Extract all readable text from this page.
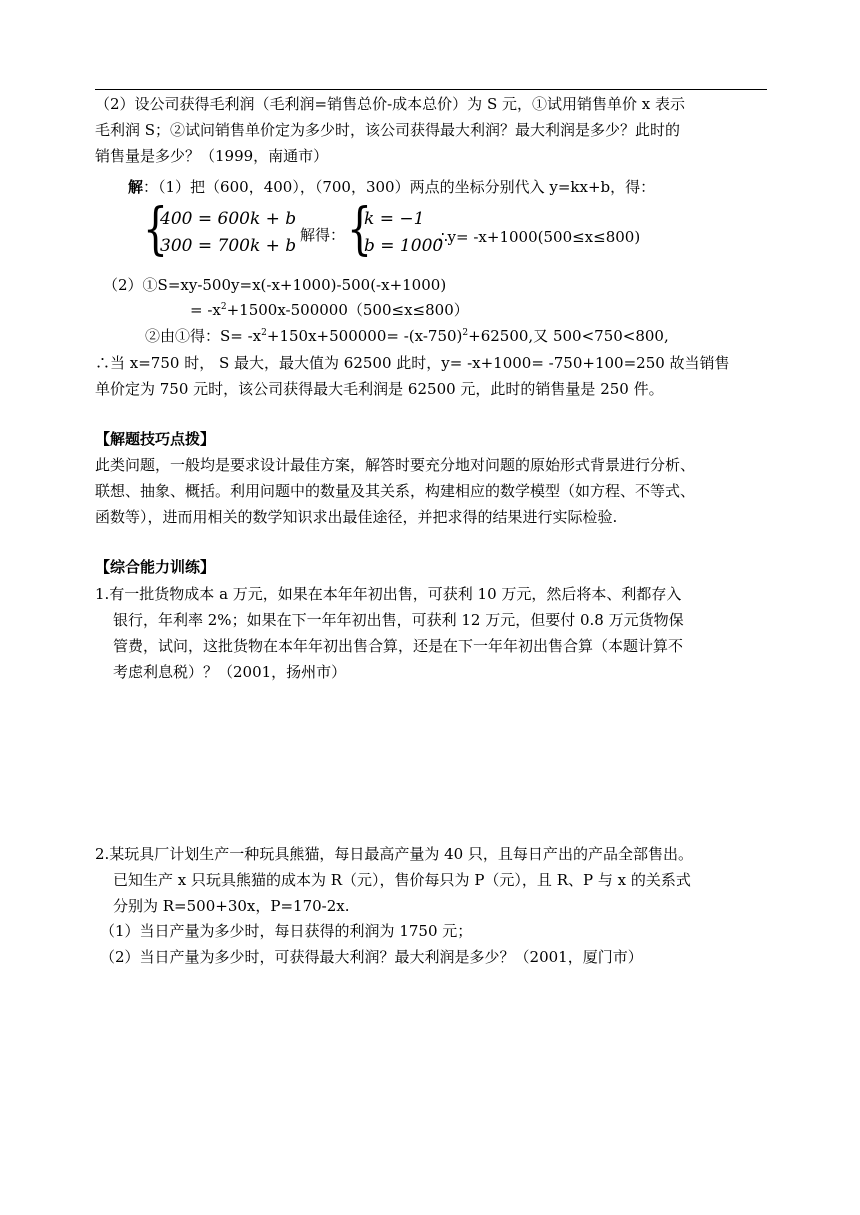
（2）设公司获得毛利润（毛利润=销售总价-成本总价）为 S 元，①试用销售单价 x 表示
毛利润 S；②试问销售单价定为多少时，该公司获得最大利润？最大利润是多少？此时的
销售量是多少？（1999，南通市）
解：（1）把（600，400），（700，300）两点的坐标分别代入 y=kx+b，得：
{
400 = 600k + b
300 = 700k + b
解得： {
k = −1
b = 1000
∴y= -x+1000(500≤x≤800)
（2）①S=xy-500y=x(-x+1000)-500(-x+1000)
= $-x^2+1500x-500000(500\le x\le 800)$
②由①得：$S= -x^2+150x+500000= -(x-750)^2+62500$,又 500<750<800,
∴当 x=750 时， S 最大，最大值为 62500 此时，y= -x+1000= -750+100=250 故当销售
单价定为 750 元时，该公司获得最大毛利润是 62500 元，此时的销售量是 250 件。
【解题技巧点拨】
此类问题，一般均是要求设计最佳方案，解答时要充分地对问题的原始形式背景进行分析、
联想、抽象、概括。利用问题中的数量及其关系，构建相应的数学模型（如方程、不等式、
函数等），进而用相关的数学知识求出最佳途径，并把求得的结果进行实际检验.
【综合能力训练】
1.有一批货物成本 a 万元，如果在本年年初出售，可获利 10 万元，然后将本、利都存入
银行，年利率 2%；如果在下一年年初出售，可获利 12 万元，但要付 0.8 万元货物保
管费，试问，这批货物在本年年初出售合算，还是在下一年年初出售合算（本题计算不
考虑利息税）？（2001，扬州市）
2.某玩具厂计划生产一种玩具熊猫，每日最高产量为 40 只，且每日产出的产品全部售出。
已知生产 x 只玩具熊猫的成本为 R（元），售价每只为 P（元），且 R、P 与 x 的关系式
分别为 R=500+30x，P=170-2x.
（1）当日产量为多少时，每日获得的利润为 1750 元；
（2）当日产量为多少时，可获得最大利润？最大利润是多少？（2001，厦门市）
